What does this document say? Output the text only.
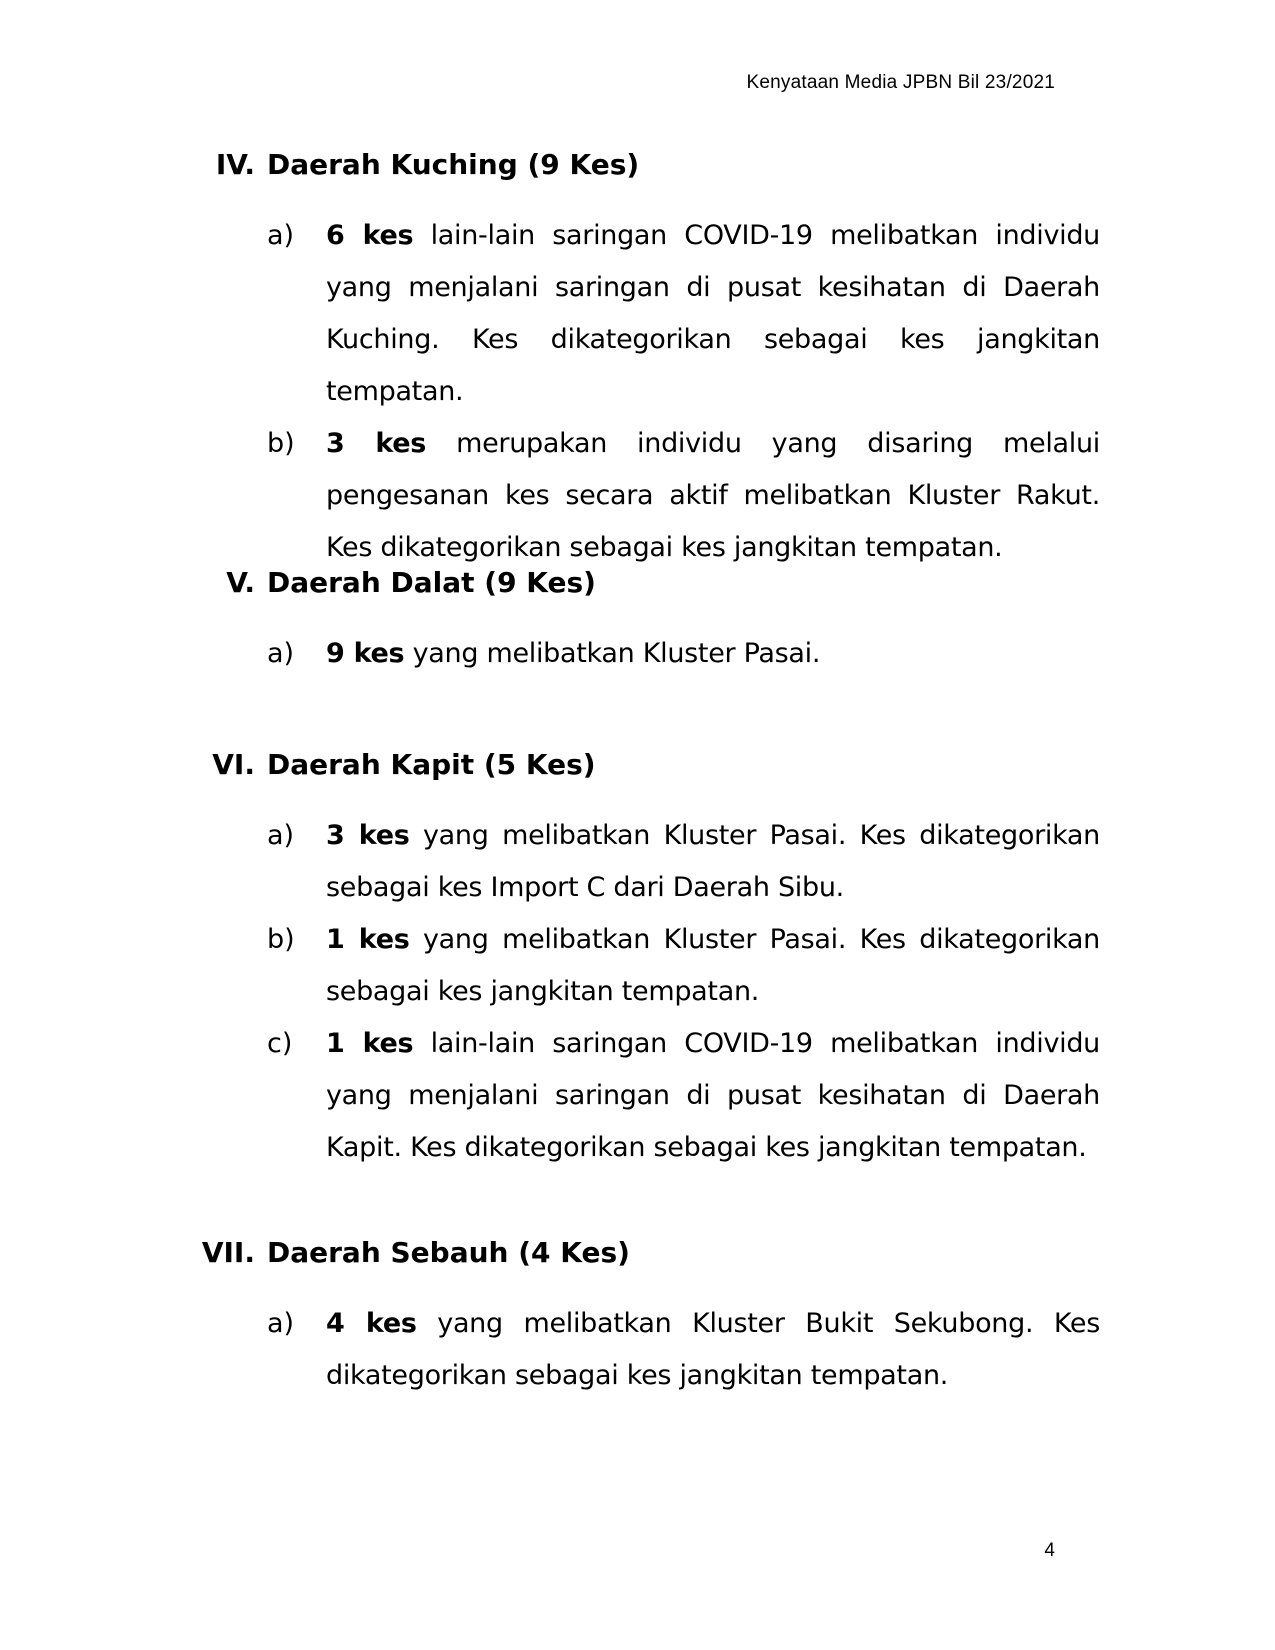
Kenyataan Media JPBN Bil 23/2021
IV. Daerah Kuching (9 Kes)
a) 6 kes lain-lain saringan COVID-19 melibatkan individu yang menjalani saringan di pusat kesihatan di Daerah Kuching. Kes dikategorikan sebagai kes jangkitan tempatan.
b) 3 kes merupakan individu yang disaring melalui pengesanan kes secara aktif melibatkan Kluster Rakut. Kes dikategorikan sebagai kes jangkitan tempatan.
V. Daerah Dalat (9 Kes)
a) 9 kes yang melibatkan Kluster Pasai.
VI. Daerah Kapit (5 Kes)
a) 3 kes yang melibatkan Kluster Pasai. Kes dikategorikan sebagai kes Import C dari Daerah Sibu.
b) 1 kes yang melibatkan Kluster Pasai. Kes dikategorikan sebagai kes jangkitan tempatan.
c) 1 kes lain-lain saringan COVID-19 melibatkan individu yang menjalani saringan di pusat kesihatan di Daerah Kapit. Kes dikategorikan sebagai kes jangkitan tempatan.
VII. Daerah Sebauh (4 Kes)
a) 4 kes yang melibatkan Kluster Bukit Sekubong. Kes dikategorikan sebagai kes jangkitan tempatan.
4
